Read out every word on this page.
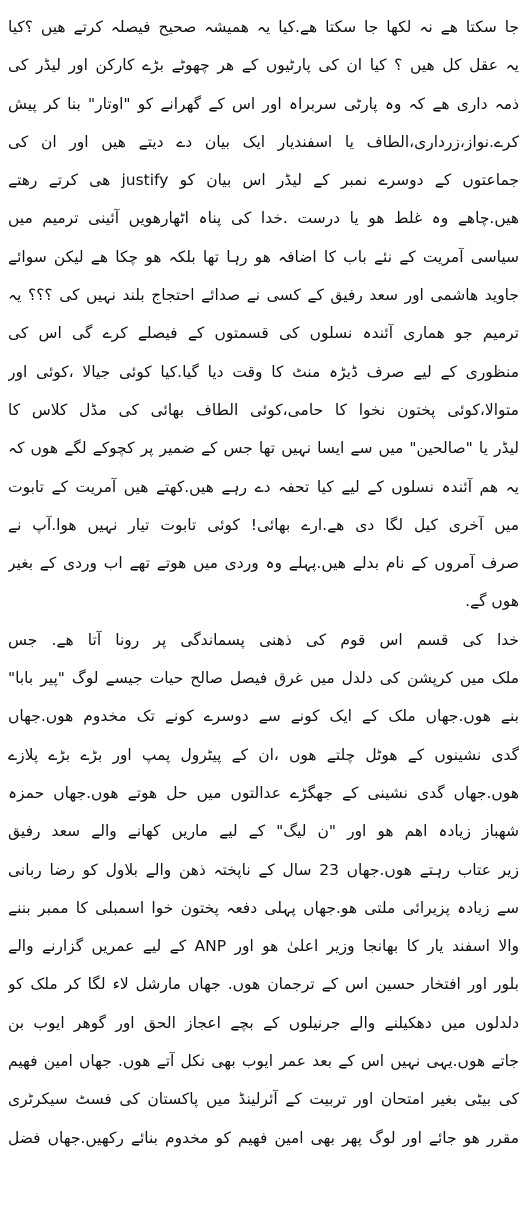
جا سکتا ھے نہ لکھا جا سکتا ھے.کیا یہ ھمیشہ صحیح فیصلہ کرتے ھیں ؟کیا
یہ عقل کل ھیں ؟ کیا ان کی پارٹیوں کے ھر چھوٹے بڑے کارکن اور لیڈر کی
ذمہ داری ھے کہ وہ پارٹی سربراہ اور اس کے گھرانے کو "اوتار" بنا کر پیش
کرے.نواز،زرداری،الطاف یا اسفندیار ایک بیان دے دیتے ھیں اور ان کی
جماعتوں کے دوسرے نمبر کے لیڈر اس بیان کو justify ھی کرتے رھتے
ھیں.چاھے وہ غلط ھو یا درست .خدا کی پناہ اٹھارھویں آئینی ترمیم میں
سیاسی آمریت کے نئے باب کا اضافہ ھو رہا تھا بلکہ ھو چکا ھے لیکن سوائے
جاوید ھاشمی اور سعد رفیق کے کسی نے صدائے احتجاج بلند نہیں کی ؟؟؟ یہ
ترمیم جو ھماری آئندہ نسلوں کی قسمتوں کے فیصلے کرے گی اس کی
منظوری کے لیے صرف ڈیڑہ منٹ کا وقت دیا گیا.کیا کوئی جیالا ،کوئی اور
متوالا،کوئی پختون نخوا کا حامی،کوئی الطاف بھائی کی مڈل کلاس کا
لیڈر یا "صالحین" میں سے ایسا نہیں تھا جس کے ضمیر پر کچوکے لگے ھوں کہ
یہ ھم آئندہ نسلوں کے لیے کیا تحفہ دے رہے ھیں.کھتے ھیں آمریت کے تابوت
میں آخری کیل لگا دی ھے.ارے بھائی! کوئی تابوت تیار نہیں ھوا.آپ نے
صرف آمروں کے نام بدلے ھیں.پہلے وہ وردی میں ھوتے تھے اب وردی کے بغیر
ھوں گے.
خدا کی قسم اس قوم کی ذھنی پسماندگی پر رونا آتا ھے. جس
ملک میں کرپشن کی دلدل میں غرق فیصل صالح حیات جیسے لوگ "پیر بابا"
بنے ھوں.جھاں ملک کے ایک کونے سے دوسرے کونے تک مخدوم ھوں.جھاں
گدی نشینوں کے ھوٹل چلتے ھوں ،ان کے پیٹرول پمپ اور بڑے بڑے پلازے
ھوں.جھاں گدی نشینی کے جھگڑے عدالتوں میں حل ھوتے ھوں.جھاں حمزہ
شھباز زیادہ اھم ھو اور "ن لیگ" کے لیے ماریں کھانے والے سعد رفیق
زیر عتاب رہتے ھوں.جھاں 23 سال کے ناپختہ ذھن والے بلاول کو رضا ربانی
سے زیادہ پزیرائی ملتی ھو.جھاں پہلی دفعہ پختون خوا اسمبلی کا ممبر بننے
والا اسفند یار کا بھانجا وزیر اعلیٰ ھو اور ANP کے لیے عمریں گزارنے والے
بلور اور افتخار حسین اس کے ترجمان ھوں. جھاں مارشل لاء لگا کر ملک کو
دلدلوں میں دھکیلنے والے جرنیلوں کے بچے اعجاز الحق اور گوھر ایوب بن
جاتے ھوں.یہی نہیں اس کے بعد عمر ایوب بھی نکل آتے ھوں. جھاں امین فھیم
کی بیٹی بغیر امتحان اور تربیت کے آئرلینڈ میں پاکستان کی فسٹ سیکرٹری
مقرر ھو جائے اور لوگ پھر بھی امین فھیم کو مخدوم بنائے رکھیں.جھاں فضل
